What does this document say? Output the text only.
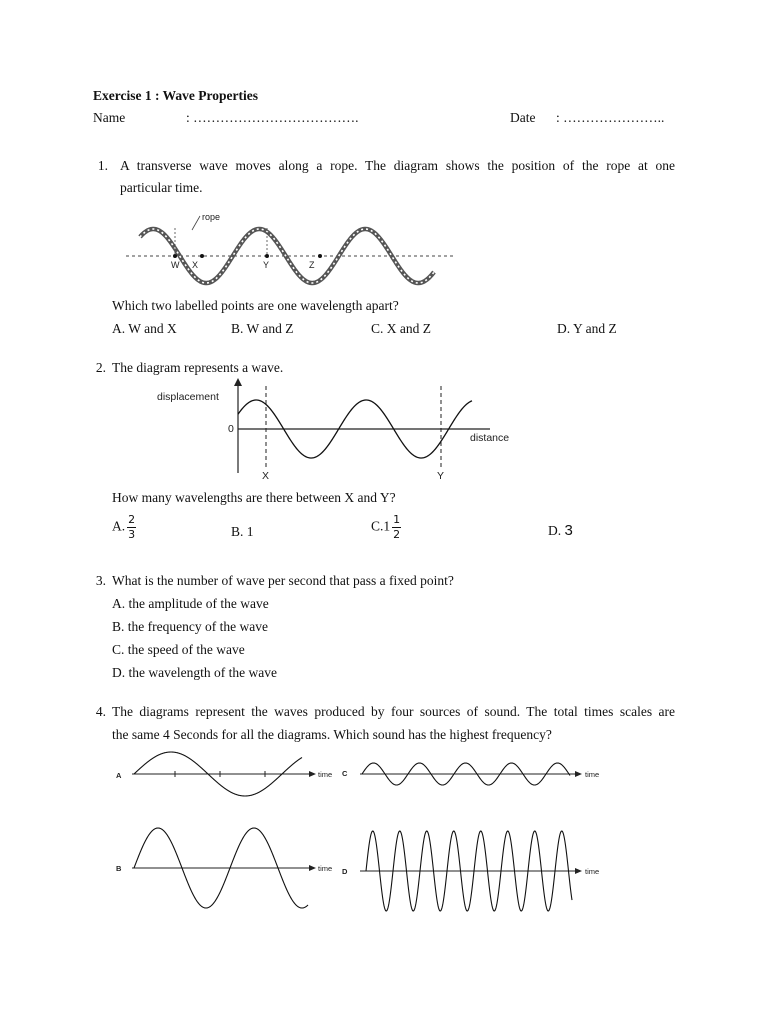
Exercise 1 : Wave Properties
Name	: ……………………………….	Date : …………………..
1. A transverse wave moves along a rope. The diagram shows the position of the rope at one
particular time.
rope
W X	Y	Z
Which two labelled points are one wavelength apart?
A. W and X	B. W and Z	C. X and Z	D. Y and Z
2. The diagram represents a wave.
displacement
0
distance
X	Y
How many wavelengths are there between X and Y?
A. $\frac{2}{3}$	B. 1	$C.1 \frac{1}{2}$	D. 3
3. What is the number of wave per second that pass a fixed point?
A. the amplitude of the wave
B. the frequency of the wave
C. the speed of the wave
D. the wavelength of the wave
4. The diagrams represent the waves produced by four sources of sound. The total times scales are
the same 4 Seconds for all the diagrams. Which sound has the highest frequency?
A	time C	time
B	time D	time
